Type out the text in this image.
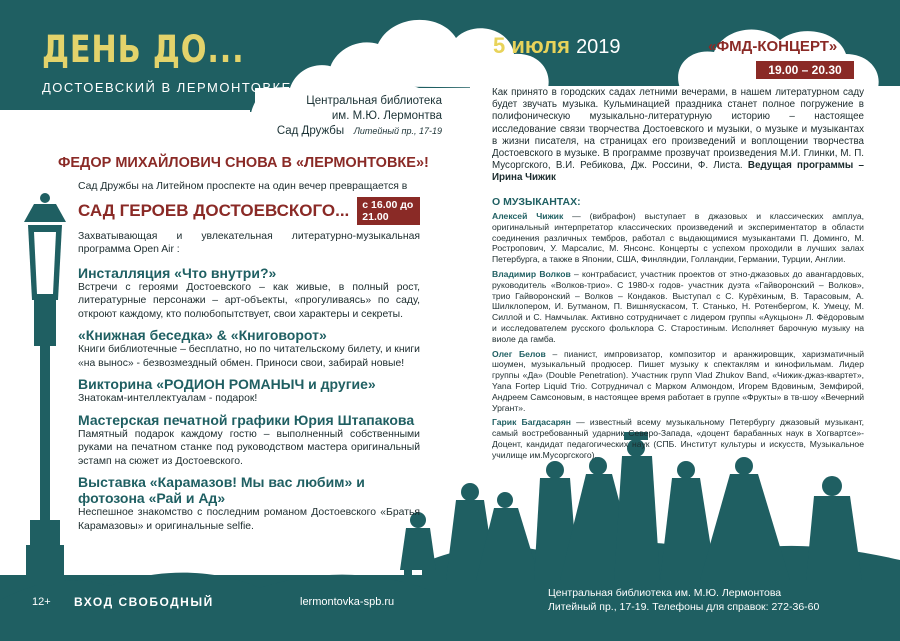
ДЕНЬ ДО...
ДОСТОЕВСКИЙ В ЛЕРМОНТОВКЕ
5 июля 2019	«ФМД-КОНЦЕРТ»
19.00 – 20.30
Центральная библиотека
им. М.Ю. Лермонтва
Сад Дружбы Литейный пр., 17-19
ФЕДОР МИХАЙЛОВИЧ СНОВА В «ЛЕРМОНТОВКЕ»!
Сад Дружбы на Литейном проспекте на один вечер превращается в
САД ГЕРОЕВ ДОСТОЕВСКОГО...	с 16.00 до 21.00
Захватывающая и увлекательная литературно-музыкальная программа Open Air :
Инсталляция «Что внутри?»
Встречи с героями Достоевского – как живые, в полный рост, литературные персонажи – арт-объекты, «прогуливаясь» по саду, откроют каждому, кто полюбопытствует, свои характеры и секреты.
«Книжная беседка» & «Книговорот»
Книги библиотечные – бесплатно, но по читательскому билету, и книги «на вынос» - безвозмездный обмен. Приноси свои, забирай новые!
Викторина «РОДИОН РОМАНЫЧ и другие»
Знатокам-интеллектуалам - подарок!
Мастерская печатной графики Юрия Штапакова
Памятный подарок каждому гостю – выполненный собственными руками на печатном станке под руководством мастера оригинальный эстамп на сюжет из Достоевского.
Выставка «Карамазов! Мы вас любим» и фотозона «Рай и Ад»
Неспешное знакомство с последним романом Достоевского «Братья Карамазовы» и оригинальные selfie.
Как принято в городских садах летними вечерами, в нашем литературном саду будет звучать музыка. Кульминацией праздника станет полное погружение в полифоническую музыкально-литературную историю – настоящее исследование связи творчества Достоевского и музыки, о музыке и музыкантах в жизни писателя, на страницах его произведений и воплощении творчества Достоевского в музыке. В программе прозвучат произведения М.И. Глинки, М. П. Мусоргского, В.И. Ребикова, Дж. Россини, Ф. Листа. Ведущая программы – Ирина Чижик
О МУЗЫКАНТАХ:
Алексей Чижик — (вибрафон) выступает в джазовых и классических амплуа, оригинальный интерпретатор классических произведений и экспериментатор в области соединения различных тембров, работал с выдающимися музыкантами П. Доминго, М. Ростропович, У. Марсалис, М. Янсонс. Концерты с успехом проходили в лучших залах Петербурга, а также в Японии, США, Финляндии, Голландии, Германии, Турции, Англии.
Владимир Волков – контрабасист, участник проектов от этно-джазовых до авангардовых, руководитель «Волков-трио». С 1980-х годов- участник дуэта «Гайворонский – Волков», трио Гайворонский – Волков – Кондаков. Выступал с С. Курёхиным, В. Тарасовым, А. Шилклопером, И. Бутманом, П. Вишняускасом, Т. Станько, Н. Ротенбергом, К. Умецу, М. Силлой и С. Намчылак. Активно сотрудничает с лидером группы «Аукцыон» Л. Фёдоровым и исследователем русского фольклора С. Старостиным. Исполняет барочную музыку на виоле да гамба.
Олег Белов – пианист, импровизатор, композитор и аранжировщик, харизматичный шоумен, музыкальный продюсер. Пишет музыку к спектаклям и кинофильмам. Лидер группы «Да» (Double Penetration). Участник групп Vlad Zhukov Band, «Чижик-джаз-квартет», Yana Fortep Liquid Trio. Сотрудничал с Марком Алмондом, Игорем Вдовиным, Земфирой, Андреем Самсоновым, в настоящее время работает в группе «Фрукты» в тв-шоу «Вечерний Ургант».
Гарик Багдасарян — известный всему музыкальному Петербургу джазовый музыкант, самый востребованный ударник Северо-Запада, «доцент барабанных наук в Хогвартсе»- Доцент, кандидат педагогических наук (СПБ. Институт культуры и искусств, Музыкальное училище им.Мусоргского).
12+ ВХОД СВОБОДНЫЙ	lermontovka-spb.ru
Центральная библиотека им. М.Ю. Лермонтова
Литейный пр., 17-19. Телефоны для справок: 272-36-60
